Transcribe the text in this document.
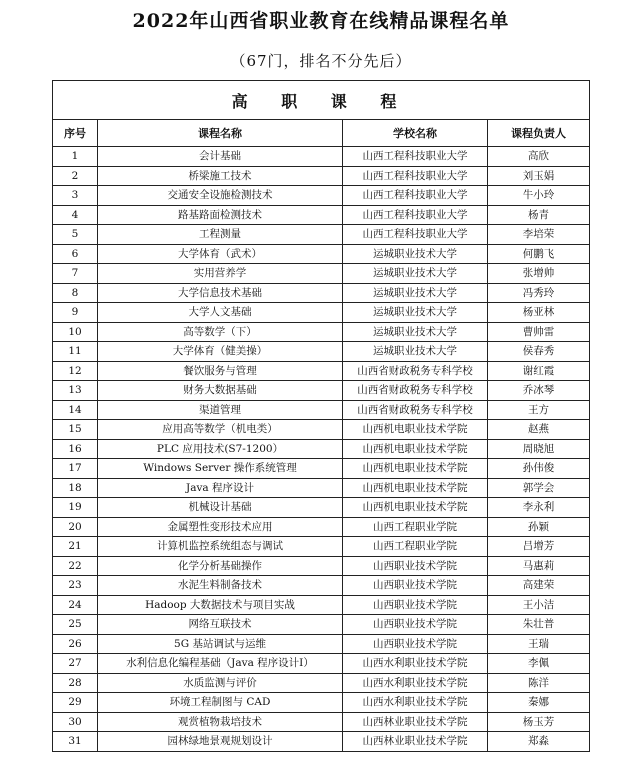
2022年山西省职业教育在线精品课程名单
（67门，排名不分先后）
高 职 课 程			
序号	课程名称	学校名称	课程负责人
1	会计基础	山西工程科技职业大学	高欣
2	桥梁施工技术	山西工程科技职业大学	刘玉娟
3	交通安全设施检测技术	山西工程科技职业大学	牛小玲
4	路基路面检测技术	山西工程科技职业大学	杨青
5	工程测量	山西工程科技职业大学	李培荣
6	大学体育（武术）	运城职业技术大学	何鹏飞
7	实用营养学	运城职业技术大学	张增帅
8	大学信息技术基础	运城职业技术大学	冯秀玲
9	大学人文基础	运城职业技术大学	杨亚林
10	高等数学（下）	运城职业技术大学	曹帅雷
11	大学体育（健美操）	运城职业技术大学	侯春秀
12	餐饮服务与管理	山西省财政税务专科学校	谢红霞
13	财务大数据基础	山西省财政税务专科学校	乔冰琴
14	渠道管理	山西省财政税务专科学校	王方
15	应用高等数学（机电类）	山西机电职业技术学院	赵燕
16	PLC 应用技术(S7-1200）	山西机电职业技术学院	周晓旭
17	Windows Server 操作系统管理	山西机电职业技术学院	孙伟俊
18	Java 程序设计	山西机电职业技术学院	郭学会
19	机械设计基础	山西机电职业技术学院	李永利
20	金属塑性变形技术应用	山西工程职业学院	孙颖
21	计算机监控系统组态与调试	山西工程职业学院	吕增芳
22	化学分析基础操作	山西职业技术学院	马惠莉
23	水泥生料制备技术	山西职业技术学院	高建荣
24	Hadoop 大数据技术与项目实战	山西职业技术学院	王小洁
25	网络互联技术	山西职业技术学院	朱壮普
26	5G 基站调试与运维	山西职业技术学院	王瑞
27	水利信息化编程基础（Java 程序设计Ⅰ）	山西水利职业技术学院	李佩
28	水质监测与评价	山西水利职业技术学院	陈洋
29	环境工程制图与 CAD	山西水利职业技术学院	秦娜
30	观赏植物栽培技术	山西林业职业技术学院	杨玉芳
31	园林绿地景观规划设计	山西林业职业技术学院	郑淼
